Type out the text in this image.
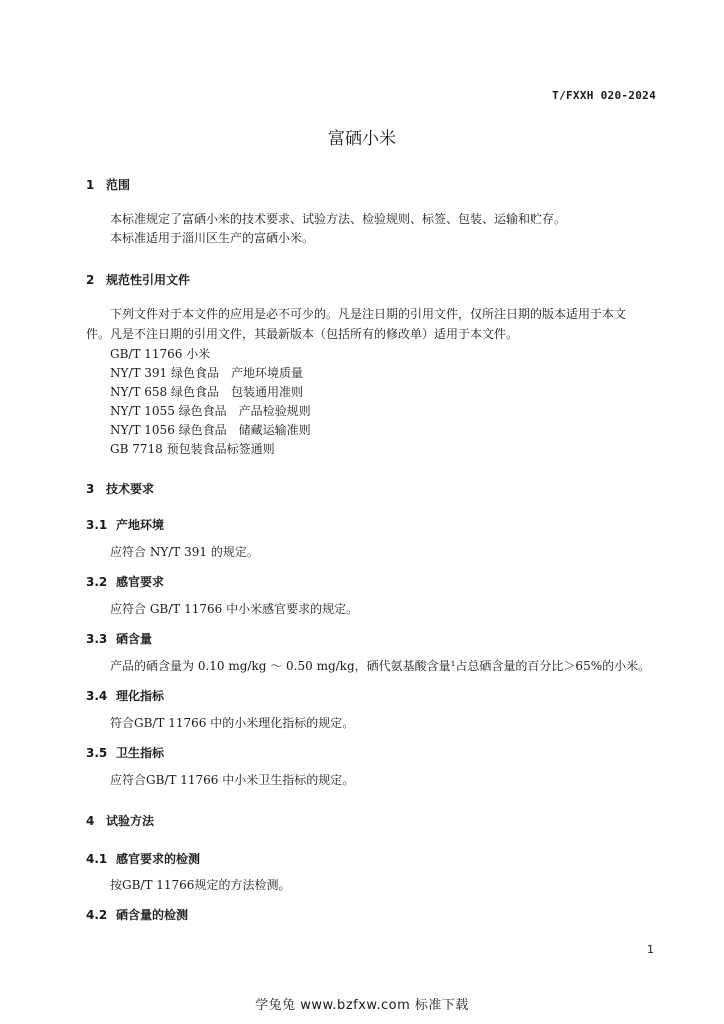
T/FXXH 020-2024
富硒小米
1 范围
本标准规定了富硒小米的技术要求、试验方法、检验规则、标签、包装、运输和贮存。
本标准适用于淄川区生产的富硒小米。
2 规范性引用文件
下列文件对于本文件的应用是必不可少的。凡是注日期的引用文件，仅所注日期的版本适用于本文
件。凡是不注日期的引用文件，其最新版本（包括所有的修改单）适用于本文件。
GB/T 11766 小米
NY/T 391 绿色食品　产地环境质量
NY/T 658 绿色食品　包装通用准则
NY/T 1055 绿色食品　产品检验规则
NY/T 1056 绿色食品　储藏运输准则
GB 7718 预包装食品标签通则
3 技术要求
3.1 产地环境
应符合 NY/T 391 的规定。
3.2 感官要求
应符合 GB/T 11766 中小米感官要求的规定。
3.3 硒含量
产品的硒含量为 0.10 mg/kg ～ 0.50 mg/kg，硒代氨基酸含量¹占总硒含量的百分比＞65%的小米。
3.4 理化指标
符合GB/T 11766 中的小米理化指标的规定。
3.5 卫生指标
应符合GB/T 11766 中小米卫生指标的规定。
4 试验方法
4.1 感官要求的检测
按GB/T 11766规定的方法检测。
4.2 硒含量的检测
1
学兔兔 www.bzfxw.com 标准下载
